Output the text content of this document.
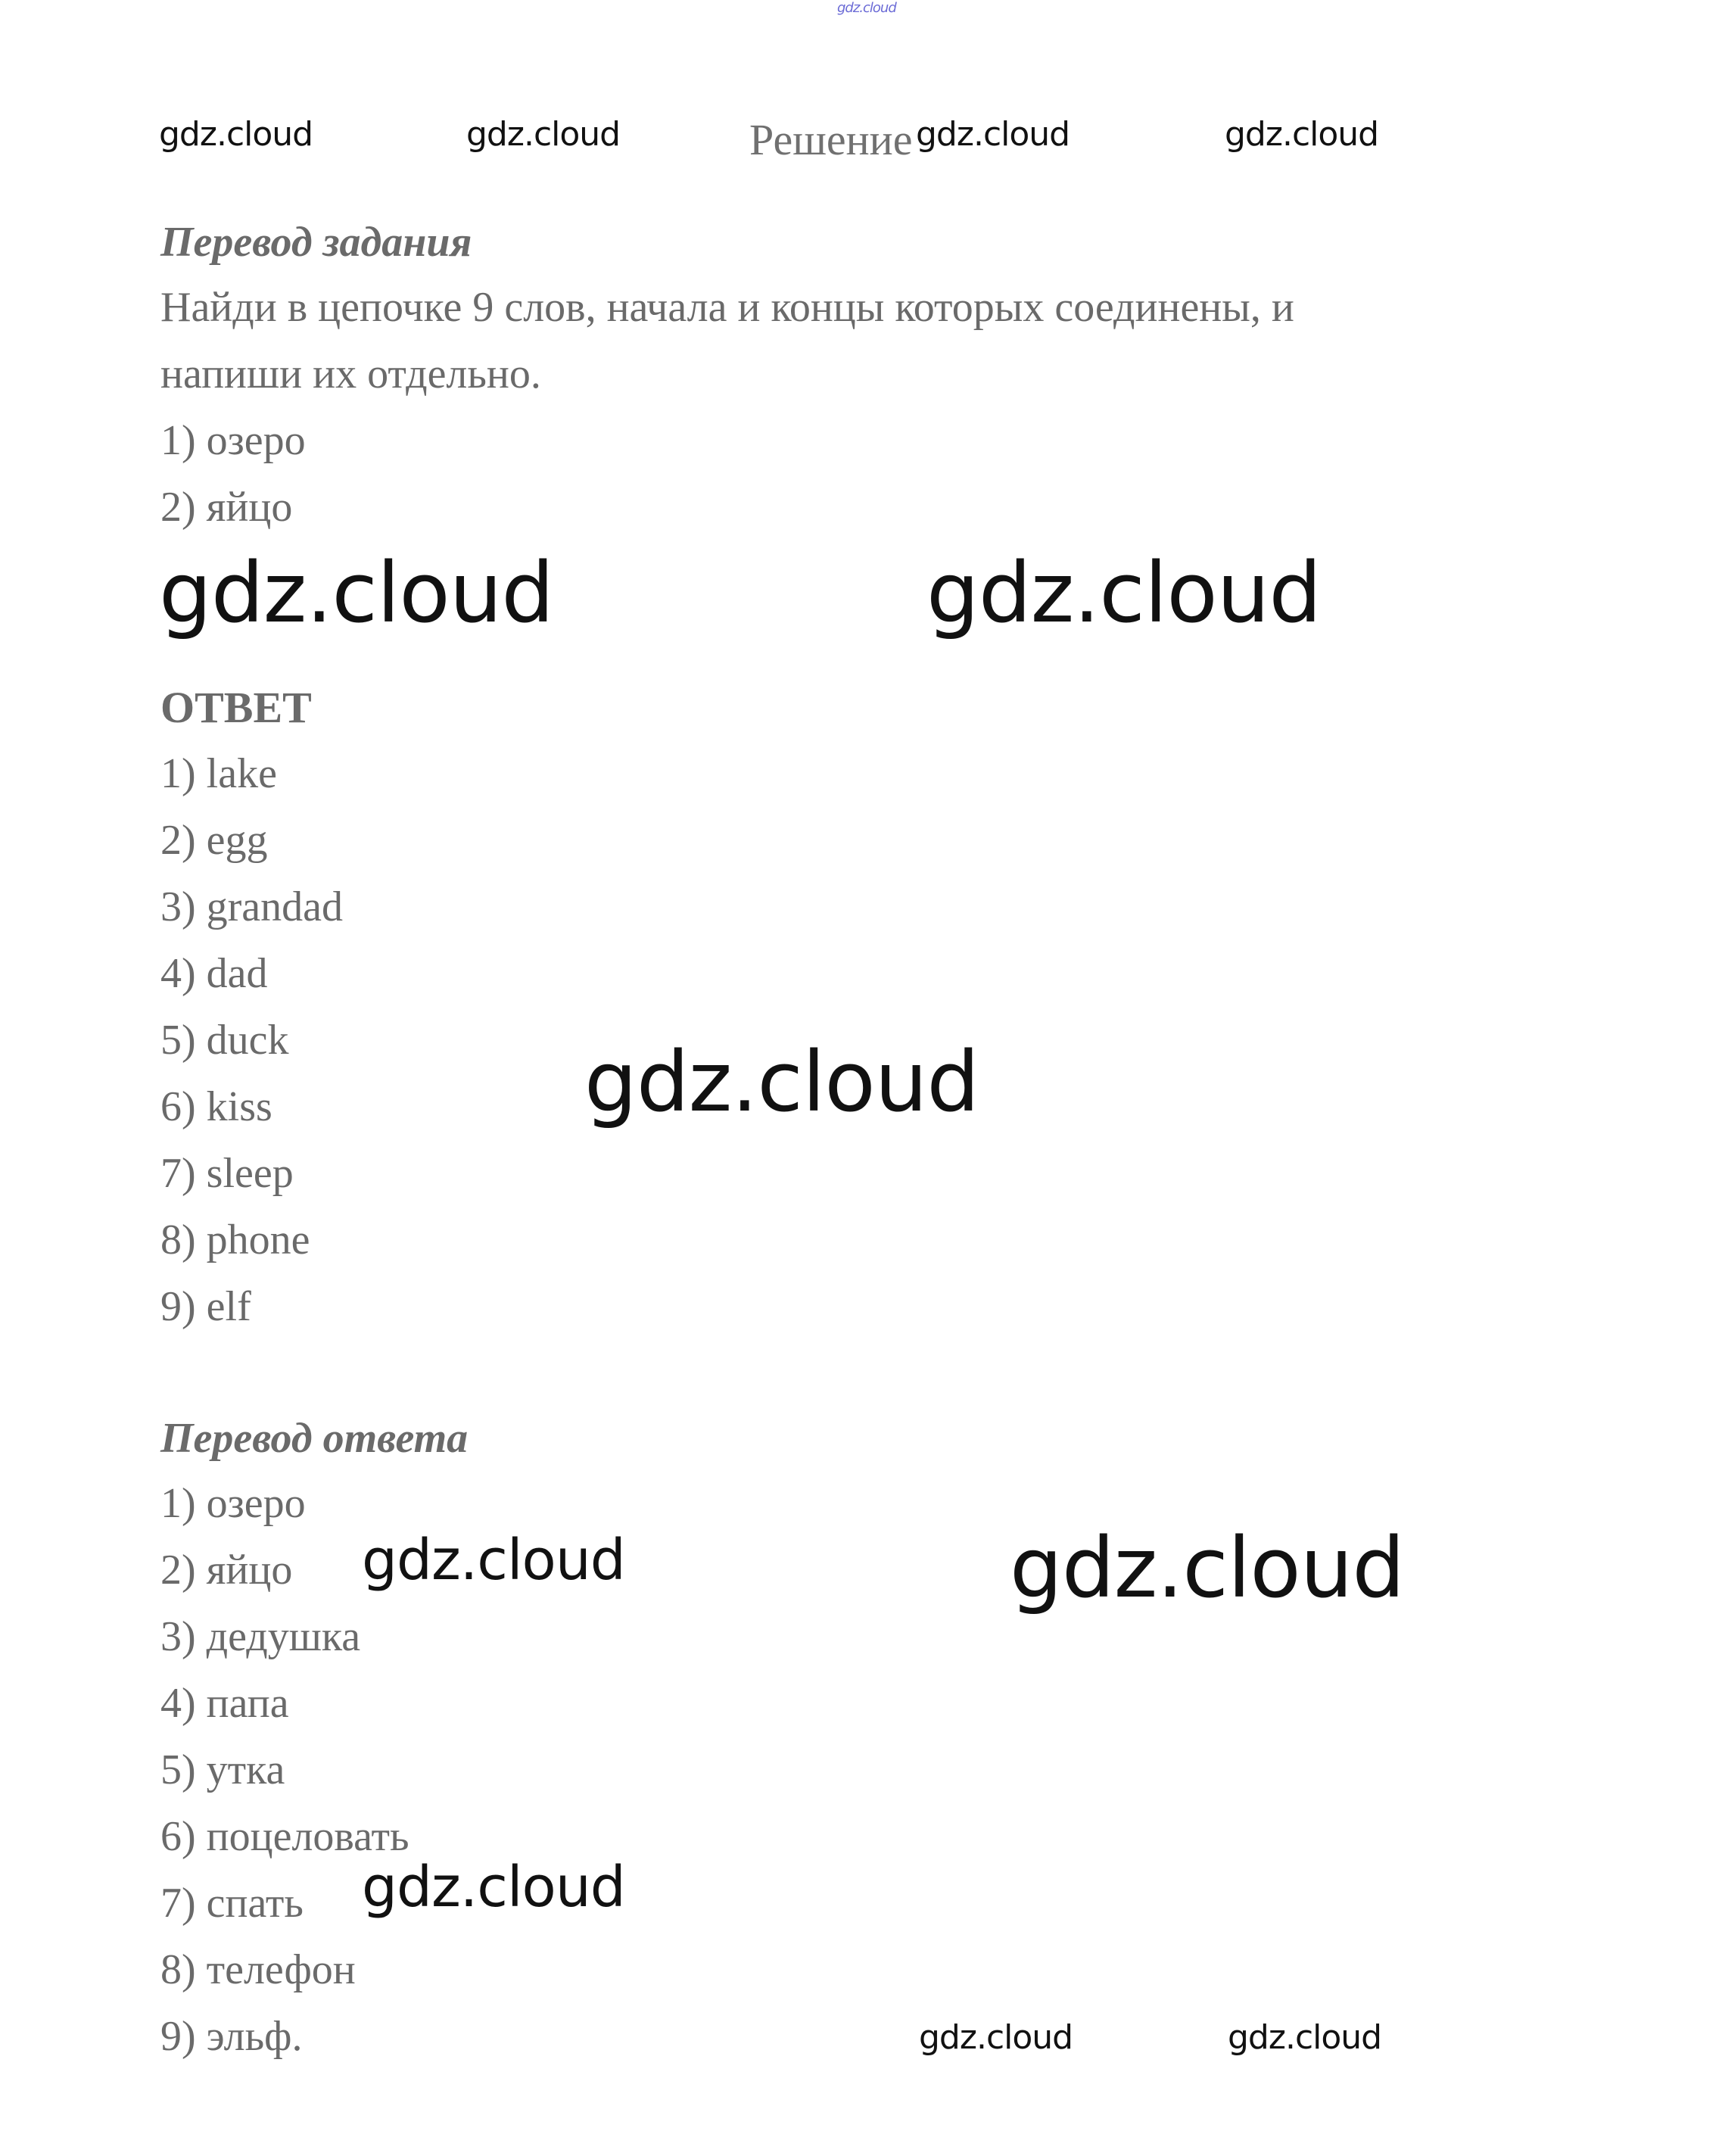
gdz.cloud
gdz.cloud	gdz.cloud	Решение gdz.cloud	gdz.cloud
Перевод задания
Найди в цепочке 9 слов, начала и концы которых соединены, и
напиши их отдельно.
1) озеро
2) яйцо
gdz.cloud	gdz.cloud
ОТВЕТ
1) lake
2) egg
3) grandad
4) dad
5) duck
6) kiss
7) sleep
8) phone
9) elf
gdz.cloud
Перевод ответа
1) озеро
2) яйцо
3) дедушка
4) папа
5) утка
6) поцеловать
7) спать
8) телефон
9) эльф.
gdz.cloud	gdz.cloud
gdz.cloud
gdz.cloud	gdz.cloud
